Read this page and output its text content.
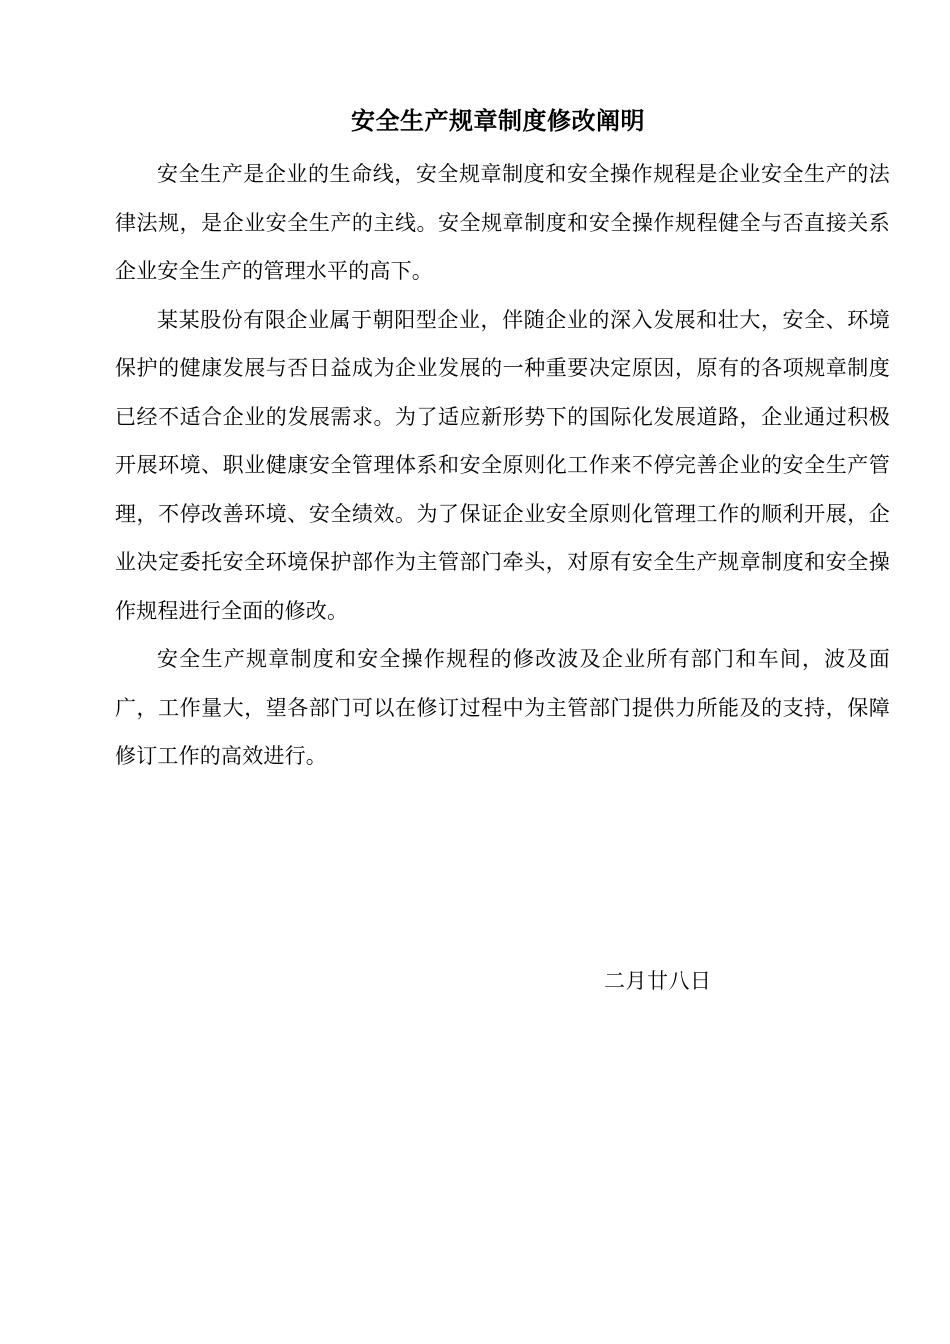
安全生产规章制度修改阐明

安全生产是企业的生命线，安全规章制度和安全操作规程是企业安全生产的法律法规，是企业安全生产的主线。安全规章制度和安全操作规程健全与否直接关系企业安全生产的管理水平的高下。

某某股份有限企业属于朝阳型企业，伴随企业的深入发展和壮大，安全、环境保护的健康发展与否日益成为企业发展的一种重要决定原因，原有的各项规章制度已经不适合企业的发展需求。为了适应新形势下的国际化发展道路，企业通过积极开展环境、职业健康安全管理体系和安全原则化工作来不停完善企业的安全生产管理，不停改善环境、安全绩效。为了保证企业安全原则化管理工作的顺利开展，企业决定委托安全环境保护部作为主管部门牵头，对原有安全生产规章制度和安全操作规程进行全面的修改。

安全生产规章制度和安全操作规程的修改波及企业所有部门和车间，波及面广，工作量大，望各部门可以在修订过程中为主管部门提供力所能及的支持，保障修订工作的高效进行。

二月廿八日
